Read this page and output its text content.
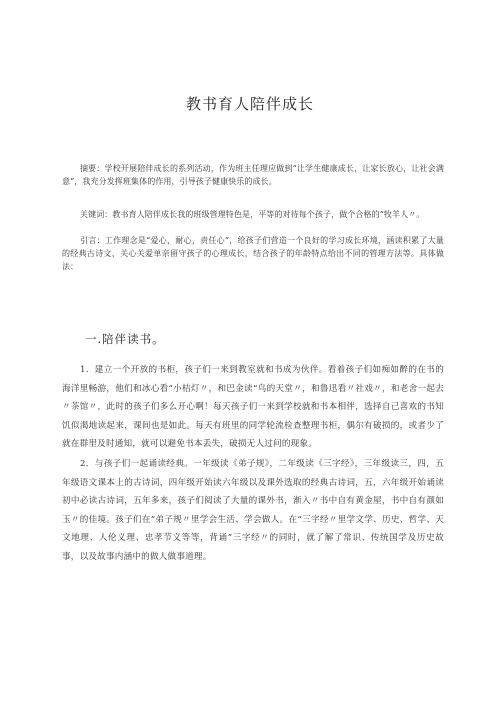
教书育人陪伴成长
摘要：学校开展陪伴成长的系列活动，作为班主任理应做到“让学生健康成长，让家长放心，让社会满意”，我充分发挥班集体的作用，引导孩子健康快乐的成长。
关键词：教书育人陪伴成长我的班级管理特色是，平等的对待每个孩子，做个合格的“牧羊人〃。
引言：工作理念是“爱心，耐心，责任心”，给孩子们营造一个良好的学习成长环境，涵读积累了大量的经典古诗文，关心关爱单亲留守孩子的心理成长，结合孩子的年龄特点给出不同的管理方法等。具体做法：
一.陪伴读书。
1．建立一个开放的书柜，孩子们一来到教室就和书成为伙伴。看着孩子们如痴如醉的在书的海洋里畅游，他们和冰心看“小桔灯〃，和巴金读“鸟的天堂〃，和鲁迅看〃社戏〃，和老舍一起去〃茶馆〃，此时的孩子们多么开心啊！每天孩子们一来到学校就和书本相伴，选择自己喜欢的书知饥似渴地读起来，课间也是如此。每天有班里的同学轮流检查整理书柜，偶尔有破损的，或者少了就在群里及时通知，就可以避免书本丢失，破损无人过问的现象。
2．与孩子们一起诵读经典。一年级读《弟子规》，二年级读《三字经》，三年级读三，四，五年级语文课本上的古诗词，四年级开始读六年级以及课外选取的经典古诗词，五，六年级开始诵读初中必读古诗词，五年多来，孩子们阅读了大量的课外书，渐入〃书中自有黄金屋，书中自有颜如玉〃的佳境。孩子们在“弟子规〃里学会生活、学会做人。在“三字经〃里学文学、历史、哲学、天文地理、人伦义理、忠孝节义等等，背诵”三字经〃的同时，就了解了常识、传统国学及历史故事，以及故事内涵中的做人做事道理。
